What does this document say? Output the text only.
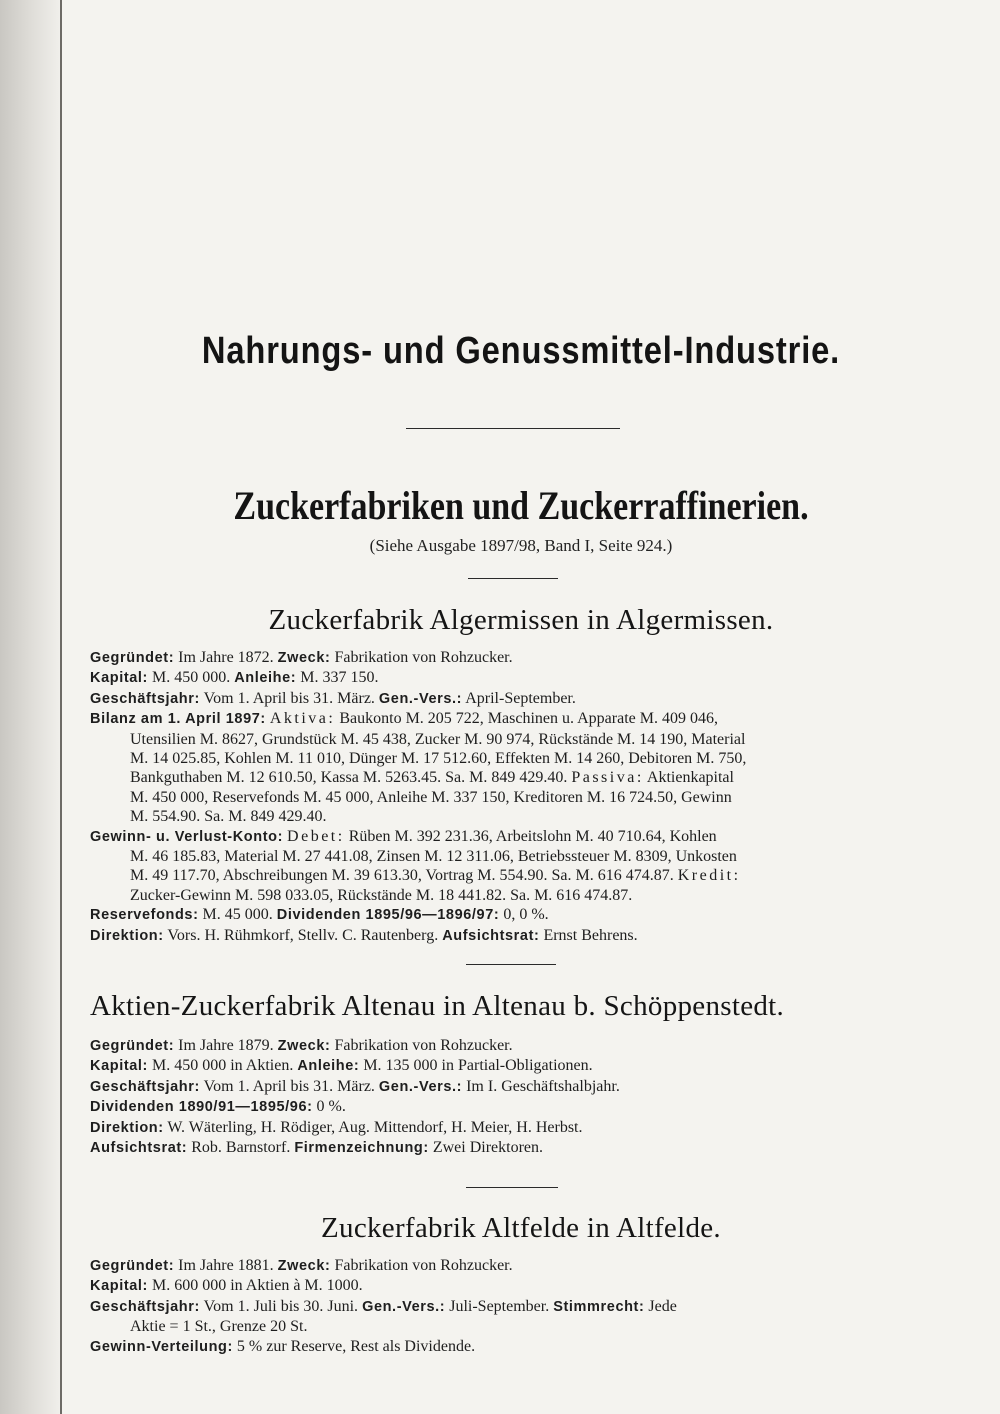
Nahrungs- und Genussmittel-Industrie.
Zuckerfabriken und Zuckerraffinerien.
(Siehe Ausgabe 1897/98, Band I, Seite 924.)
Zuckerfabrik Algermissen in Algermissen.

Gegründet: Im Jahre 1872. Zweck: Fabrikation von Rohzucker.

Kapital: M. 450 000. Anleihe: M. 337 150.

Geschäftsjahr: Vom 1. April bis 31. März. Gen.-Vers.: April-September.

Bilanz am 1. April 1897: Aktiva: Baukonto M. 205 722, Maschinen u. Apparate M. 409 046,

Utensilien M. 8627, Grundstück M. 45 438, Zucker M. 90 974, Rückstände M. 14 190, Material

M. 14 025.85, Kohlen M. 11 010, Dünger M. 17 512.60, Effekten M. 14 260, Debitoren M. 750,

Bankguthaben M. 12 610.50, Kassa M. 5263.45. Sa. M. 849 429.40. Passiva: Aktienkapital

M. 450 000, Reservefonds M. 45 000, Anleihe M. 337 150, Kreditoren M. 16 724.50, Gewinn

M. 554.90. Sa. M. 849 429.40.

Gewinn- u. Verlust-Konto: Debet: Rüben M. 392 231.36, Arbeitslohn M. 40 710.64, Kohlen

M. 46 185.83, Material M. 27 441.08, Zinsen M. 12 311.06, Betriebssteuer M. 8309, Unkosten

M. 49 117.70, Abschreibungen M. 39 613.30, Vortrag M. 554.90. Sa. M. 616 474.87. Kredit:

Zucker-Gewinn M. 598 033.05, Rückstände M. 18 441.82. Sa. M. 616 474.87.

Reservefonds: M. 45 000. Dividenden 1895/96—1896/97: 0, 0 %.

Direktion: Vors. H. Rühmkorf, Stellv. C. Rautenberg. Aufsichtsrat: Ernst Behrens.

Aktien-Zuckerfabrik Altenau in Altenau b. Schöppenstedt.

Gegründet: Im Jahre 1879. Zweck: Fabrikation von Rohzucker.

Kapital: M. 450 000 in Aktien. Anleihe: M. 135 000 in Partial-Obligationen.

Geschäftsjahr: Vom 1. April bis 31. März. Gen.-Vers.: Im I. Geschäftshalbjahr.

Dividenden 1890/91—1895/96: 0 %.

Direktion: W. Wäterling, H. Rödiger, Aug. Mittendorf, H. Meier, H. Herbst.

Aufsichtsrat: Rob. Barnstorf. Firmenzeichnung: Zwei Direktoren.

Zuckerfabrik Altfelde in Altfelde.

Gegründet: Im Jahre 1881. Zweck: Fabrikation von Rohzucker.

Kapital: M. 600 000 in Aktien à M. 1000.

Geschäftsjahr: Vom 1. Juli bis 30. Juni. Gen.-Vers.: Juli-September. Stimmrecht: Jede

Aktie = 1 St., Grenze 20 St.

Gewinn-Verteilung: 5 % zur Reserve, Rest als Dividende.
